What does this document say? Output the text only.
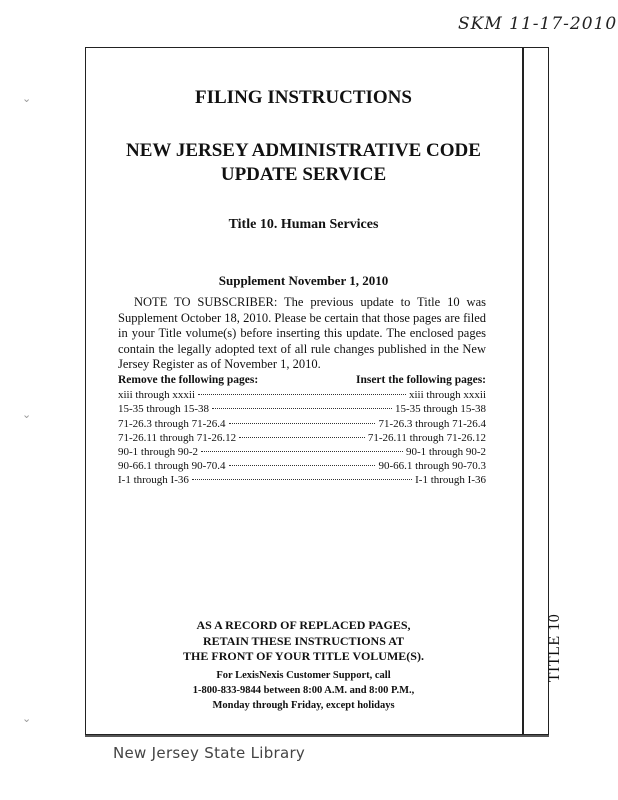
SKM 11-17-2010
⌄
⌄
⌄
TITLE 10
FILING INSTRUCTIONS
NEW JERSEY ADMINISTRATIVE CODE
UPDATE SERVICE
Title 10. Human Services
Supplement November 1, 2010
NOTE TO SUBSCRIBER: The previous update to Title 10 was Supplement October 18, 2010. Please be certain that those pages are filed in your Title volume(s) before inserting this update. The enclosed pages contain the legally adopted text of all rule changes published in the New Jersey Register as of November 1, 2010.
Remove the following pages:	Insert the following pages:
xiii through xxxii	xiii through xxxii
15-35 through 15-38	15-35 through 15-38
71-26.3 through 71-26.4	71-26.3 through 71-26.4
71-26.11 through 71-26.12	71-26.11 through 71-26.12
90-1 through 90-2	90-1 through 90-2
90-66.1 through 90-70.4	90-66.1 through 90-70.3
I-1 through I-36	I-1 through I-36
AS A RECORD OF REPLACED PAGES,
RETAIN THESE INSTRUCTIONS AT
THE FRONT OF YOUR TITLE VOLUME(S).
For LexisNexis Customer Support, call
1-800-833-9844 between 8:00 A.M. and 8:00 P.M.,
Monday through Friday, except holidays
New Jersey State Library
